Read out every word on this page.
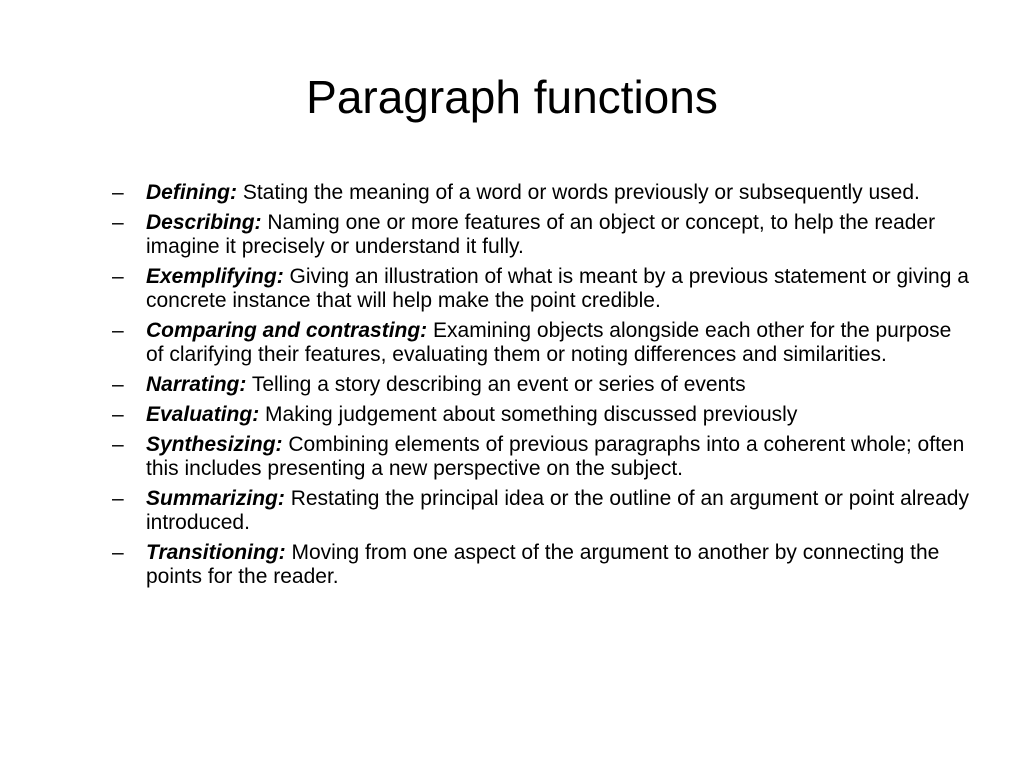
Paragraph functions
– Defining: Stating the meaning of a word or words previously or subsequently used.
– Describing: Naming one or more features of an object or concept, to help the reader imagine it precisely or understand it fully.
– Exemplifying: Giving an illustration of what is meant by a previous statement or giving a concrete instance that will help make the point credible.
– Comparing and contrasting: Examining objects alongside each other for the purpose of clarifying their features, evaluating them or noting differences and similarities.
– Narrating: Telling a story describing an event or series of events
– Evaluating: Making judgement about something discussed previously
– Synthesizing: Combining elements of previous paragraphs into a coherent whole; often this includes presenting a new perspective on the subject.
– Summarizing: Restating the principal idea or the outline of an argument or point already introduced.
– Transitioning: Moving from one aspect of the argument to another by connecting the points for the reader.
